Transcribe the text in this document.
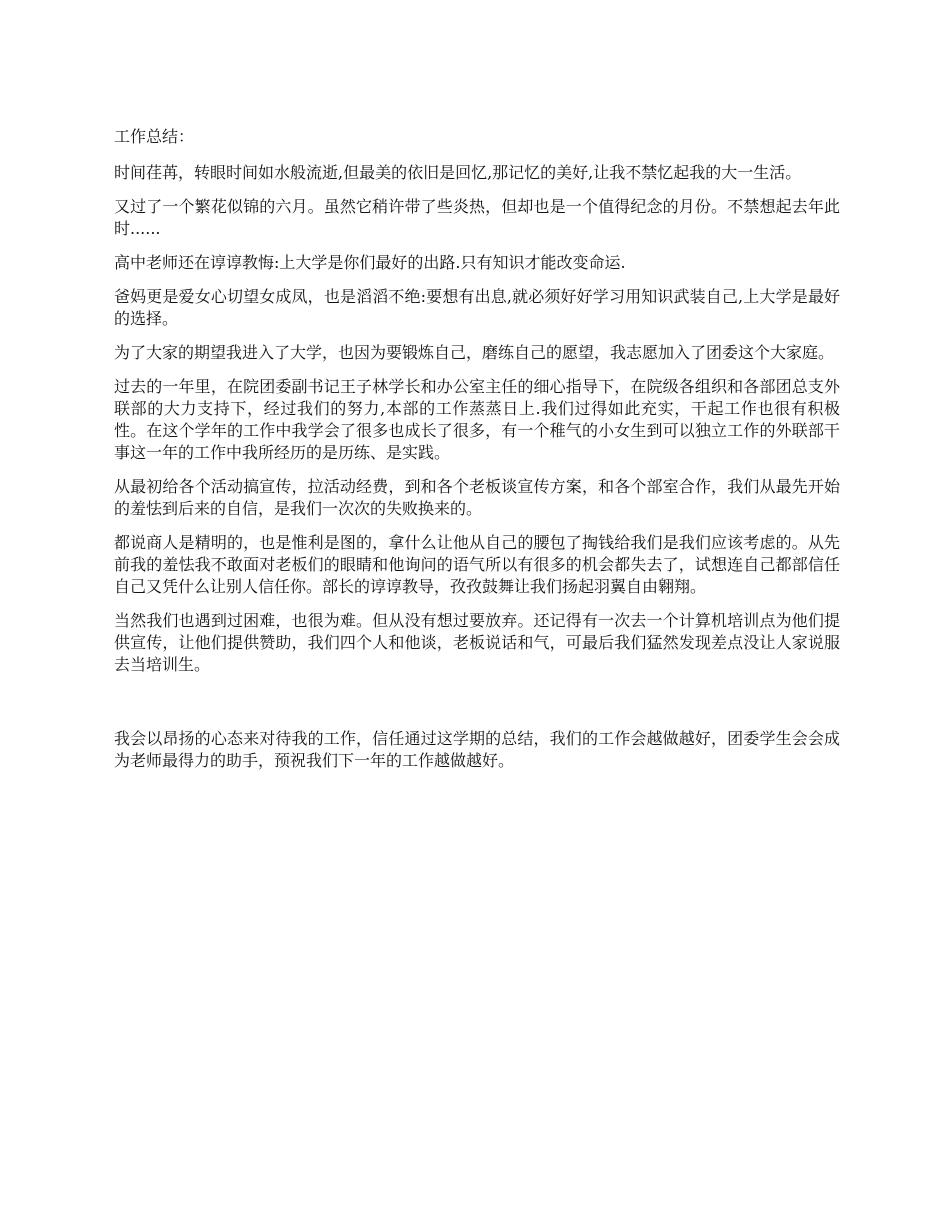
工作总结：

时间荏苒，转眼时间如水般流逝,但最美的依旧是回忆,那记忆的美好,让我不禁忆起我的大一生活。

又过了一个繁花似锦的六月。虽然它稍许带了些炎热，但却也是一个值得纪念的月份。不禁想起去年此时......

高中老师还在谆谆教悔:上大学是你们最好的出路.只有知识才能改变命运.

爸妈更是爱女心切望女成凤，也是滔滔不绝:要想有出息,就必须好好学习用知识武装自己,上大学是最好的选择。

为了大家的期望我进入了大学，也因为要锻炼自己，磨练自己的愿望，我志愿加入了团委这个大家庭。

过去的一年里，在院团委副书记王子林学长和办公室主任的细心指导下，在院级各组织和各部团总支外联部的大力支持下，经过我们的努力,本部的工作蒸蒸日上.我们过得如此充实，干起工作也很有积极性。在这个学年的工作中我学会了很多也成长了很多，有一个稚气的小女生到可以独立工作的外联部干事这一年的工作中我所经历的是历练、是实践。

从最初给各个活动搞宣传，拉活动经费，到和各个老板谈宣传方案，和各个部室合作，我们从最先开始的羞怯到后来的自信，是我们一次次的失败换来的。

都说商人是精明的，也是惟利是图的，拿什么让他从自己的腰包了掏钱给我们是我们应该考虑的。从先前我的羞怯我不敢面对老板们的眼睛和他询问的语气所以有很多的机会都失去了，试想连自己都部信任自己又凭什么让别人信任你。部长的谆谆教导，孜孜鼓舞让我们扬起羽翼自由翱翔。

当然我们也遇到过困难，也很为难。但从没有想过要放弃。还记得有一次去一个计算机培训点为他们提供宣传，让他们提供赞助，我们四个人和他谈，老板说话和气，可最后我们猛然发现差点没让人家说服去当培训生。

我会以昂扬的心态来对待我的工作，信任通过这学期的总结，我们的工作会越做越好，团委学生会会成为老师最得力的助手，预祝我们下一年的工作越做越好。
